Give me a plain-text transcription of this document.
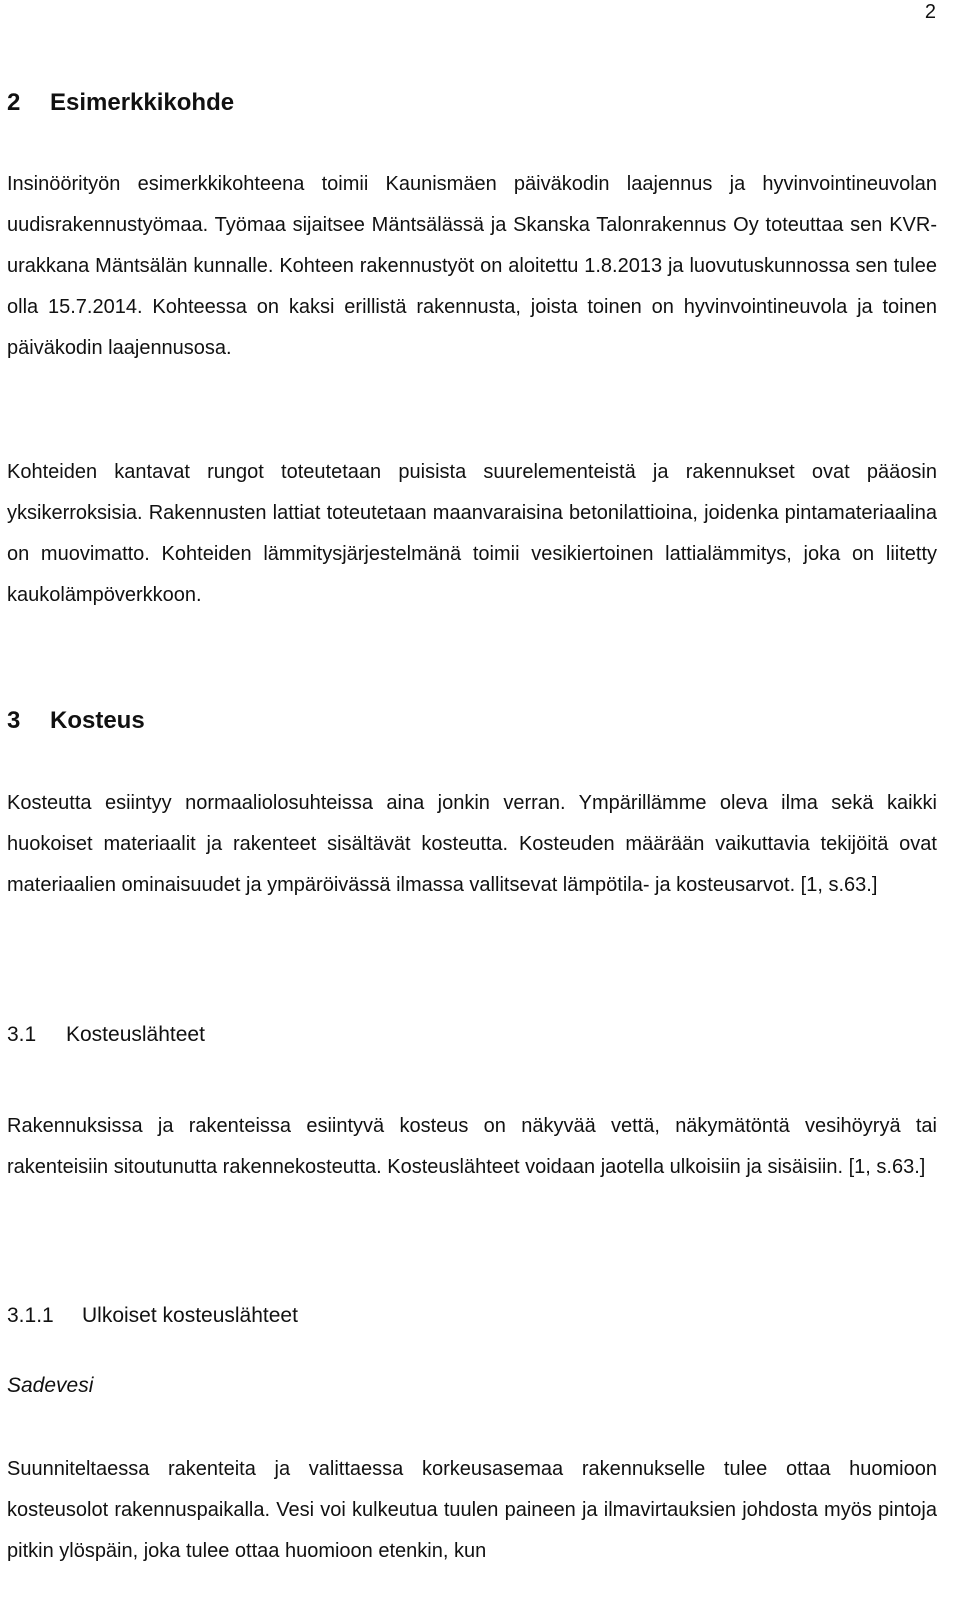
2
2 Esimerkkikohde

Insinöörityön esimerkkikohteena toimii Kaunismäen päiväkodin laajennus ja hyvinvointineuvolan uudisrakennustyömaa. Työmaa sijaitsee Mäntsälässä ja Skanska Talonrakennus Oy toteuttaa sen KVR-urakkana Mäntsälän kunnalle. Kohteen rakennustyöt on aloitettu 1.8.2013 ja luovutuskunnossa sen tulee olla 15.7.2014. Kohteessa on kaksi erillistä rakennusta, joista toinen on hyvinvointineuvola ja toinen päiväkodin laajennusosa.

Kohteiden kantavat rungot toteutetaan puisista suurelementeistä ja rakennukset ovat pääosin yksikerroksisia. Rakennusten lattiat toteutetaan maanvaraisina betonilattioina, joidenka pintamateriaalina on muovimatto. Kohteiden lämmitysjärjestelmänä toimii vesikiertoinen lattialämmitys, joka on liitetty kaukolämpöverkkoon.

3 Kosteus

Kosteutta esiintyy normaaliolosuhteissa aina jonkin verran. Ympärillämme oleva ilma sekä kaikki huokoiset materiaalit ja rakenteet sisältävät kosteutta. Kosteuden määrään vaikuttavia tekijöitä ovat materiaalien ominaisuudet ja ympäröivässä ilmassa vallitsevat lämpötila- ja kosteusarvot. [1, s.63.]

3.1 Kosteuslähteet

Rakennuksissa ja rakenteissa esiintyvä kosteus on näkyvää vettä, näkymätöntä vesihöyryä tai rakenteisiin sitoutunutta rakennekosteutta. Kosteuslähteet voidaan jaotella ulkoisiin ja sisäisiin. [1, s.63.]

3.1.1 Ulkoiset kosteuslähteet
Sadevesi

Suunniteltaessa rakenteita ja valittaessa korkeusasemaa rakennukselle tulee ottaa huomioon kosteusolot rakennuspaikalla. Vesi voi kulkeutua tuulen paineen ja ilmavirtauksien johdosta myös pintoja pitkin ylöspäin, joka tulee ottaa huomioon etenkin, kun
